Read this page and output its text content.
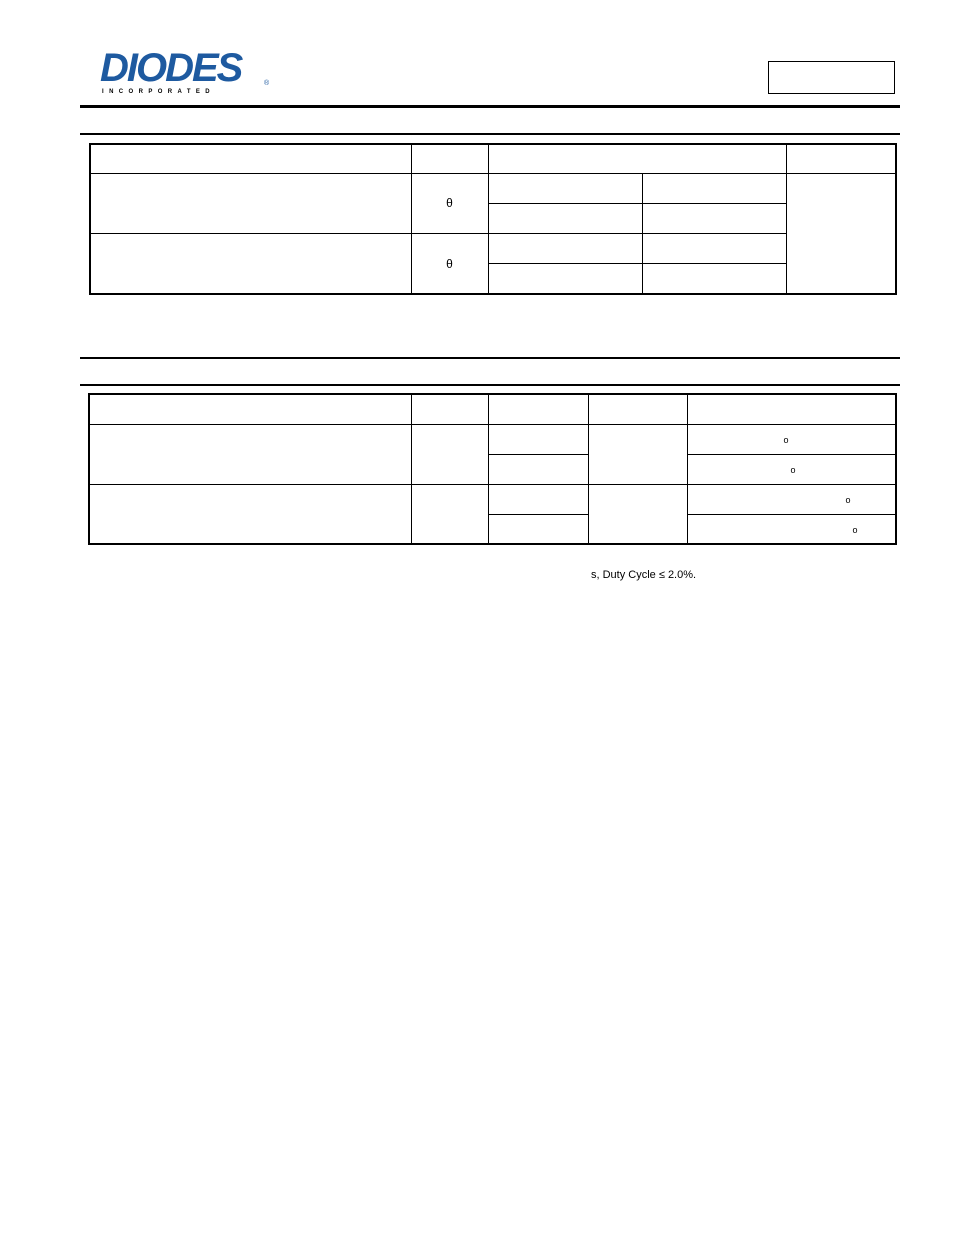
DIODES	®
INCORPORATED

	θ			

	θ			

				o
				o
				o
				o
s, Duty Cycle ≤ 2.0%.
